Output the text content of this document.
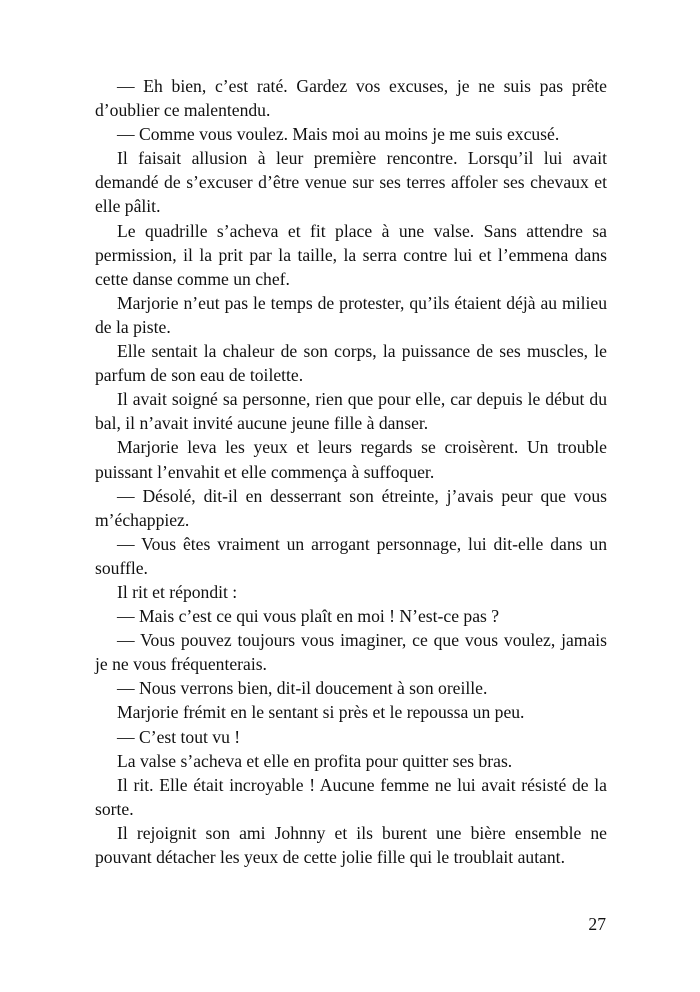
— Eh bien, c’est raté. Gardez vos excuses, je ne suis pas prête d’oublier ce malentendu.

— Comme vous voulez. Mais moi au moins je me suis excusé.

Il faisait allusion à leur première rencontre. Lorsqu’il lui avait demandé de s’excuser d’être venue sur ses terres affoler ses chevaux et elle pâlit.

Le quadrille s’acheva et fit place à une valse. Sans attendre sa permission, il la prit par la taille, la serra contre lui et l’emmena dans cette danse comme un chef.

Marjorie n’eut pas le temps de protester, qu’ils étaient déjà au milieu de la piste.

Elle sentait la chaleur de son corps, la puissance de ses muscles, le parfum de son eau de toilette.

Il avait soigné sa personne, rien que pour elle, car depuis le début du bal, il n’avait invité aucune jeune fille à danser.

Marjorie leva les yeux et leurs regards se croisèrent. Un trouble puissant l’envahit et elle commença à suffoquer.

— Désolé, dit-il en desserrant son étreinte, j’avais peur que vous m’échappiez.

— Vous êtes vraiment un arrogant personnage, lui dit-elle dans un souffle.

Il rit et répondit :

— Mais c’est ce qui vous plaît en moi ! N’est-ce pas ?

— Vous pouvez toujours vous imaginer, ce que vous voulez, jamais je ne vous fréquenterais.

— Nous verrons bien, dit-il doucement à son oreille.

Marjorie frémit en le sentant si près et le repoussa un peu.

— C’est tout vu !

La valse s’acheva et elle en profita pour quitter ses bras.

Il rit. Elle était incroyable ! Aucune femme ne lui avait résisté de la sorte.

Il rejoignit son ami Johnny et ils burent une bière ensemble ne pouvant détacher les yeux de cette jolie fille qui le troublait autant.

27
